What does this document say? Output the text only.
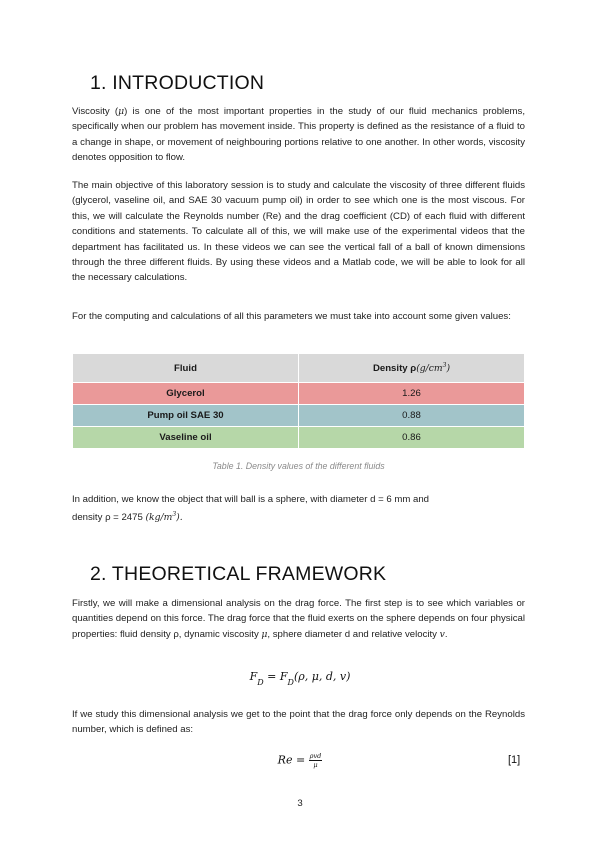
1. INTRODUCTION

Viscosity (μ) is one of the most important properties in the study of our fluid mechanics problems, specifically when our problem has movement inside. This property is defined as the resistance of a fluid to a change in shape, or movement of neighbouring portions relative to one another. In other words, viscosity denotes opposition to flow.

The main objective of this laboratory session is to study and calculate the viscosity of three different fluids (glycerol, vaseline oil, and SAE 30 vacuum pump oil) in order to see which one is the most viscous. For this, we will calculate the Reynolds number (Re) and the drag coefficient (CD) of each fluid with different conditions and statements. To calculate all of this, we will make use of the experimental videos that the department has facilitated us. In these videos we can see the vertical fall of a ball of known dimensions through the three different fluids. By using these videos and a Matlab code, we will be able to look for all the necessary calculations.

For the computing and calculations of all this parameters we must take into account some given values:

Fluid	Density $\rho(g/cm^3)$
Glycerol	1.26
Pump oil SAE 30	0.88
Vaseline oil	0.86
Table 1. Density values of the different fluids

In addition, we know the object that will ball is a sphere, with diameter d = 6 mm and
density ρ = 2475 $(kg/m^3)$.

2. THEORETICAL FRAMEWORK

Firstly, we will make a dimensional analysis on the drag force. The first step is to see which variables or quantities depend on this force. The drag force that the fluid exerts on the sphere depends on four physical properties: fluid density ρ, dynamic viscosity μ, sphere diameter d and relative velocity v.

$F_D = F_D(\rho$, μ, d, v)

If we study this dimensional analysis we get to the point that the drag force only depends on the Reynolds number, which is defined as:

$Re = \frac{\text{ρvd}}{\mu}$	[1]
3
